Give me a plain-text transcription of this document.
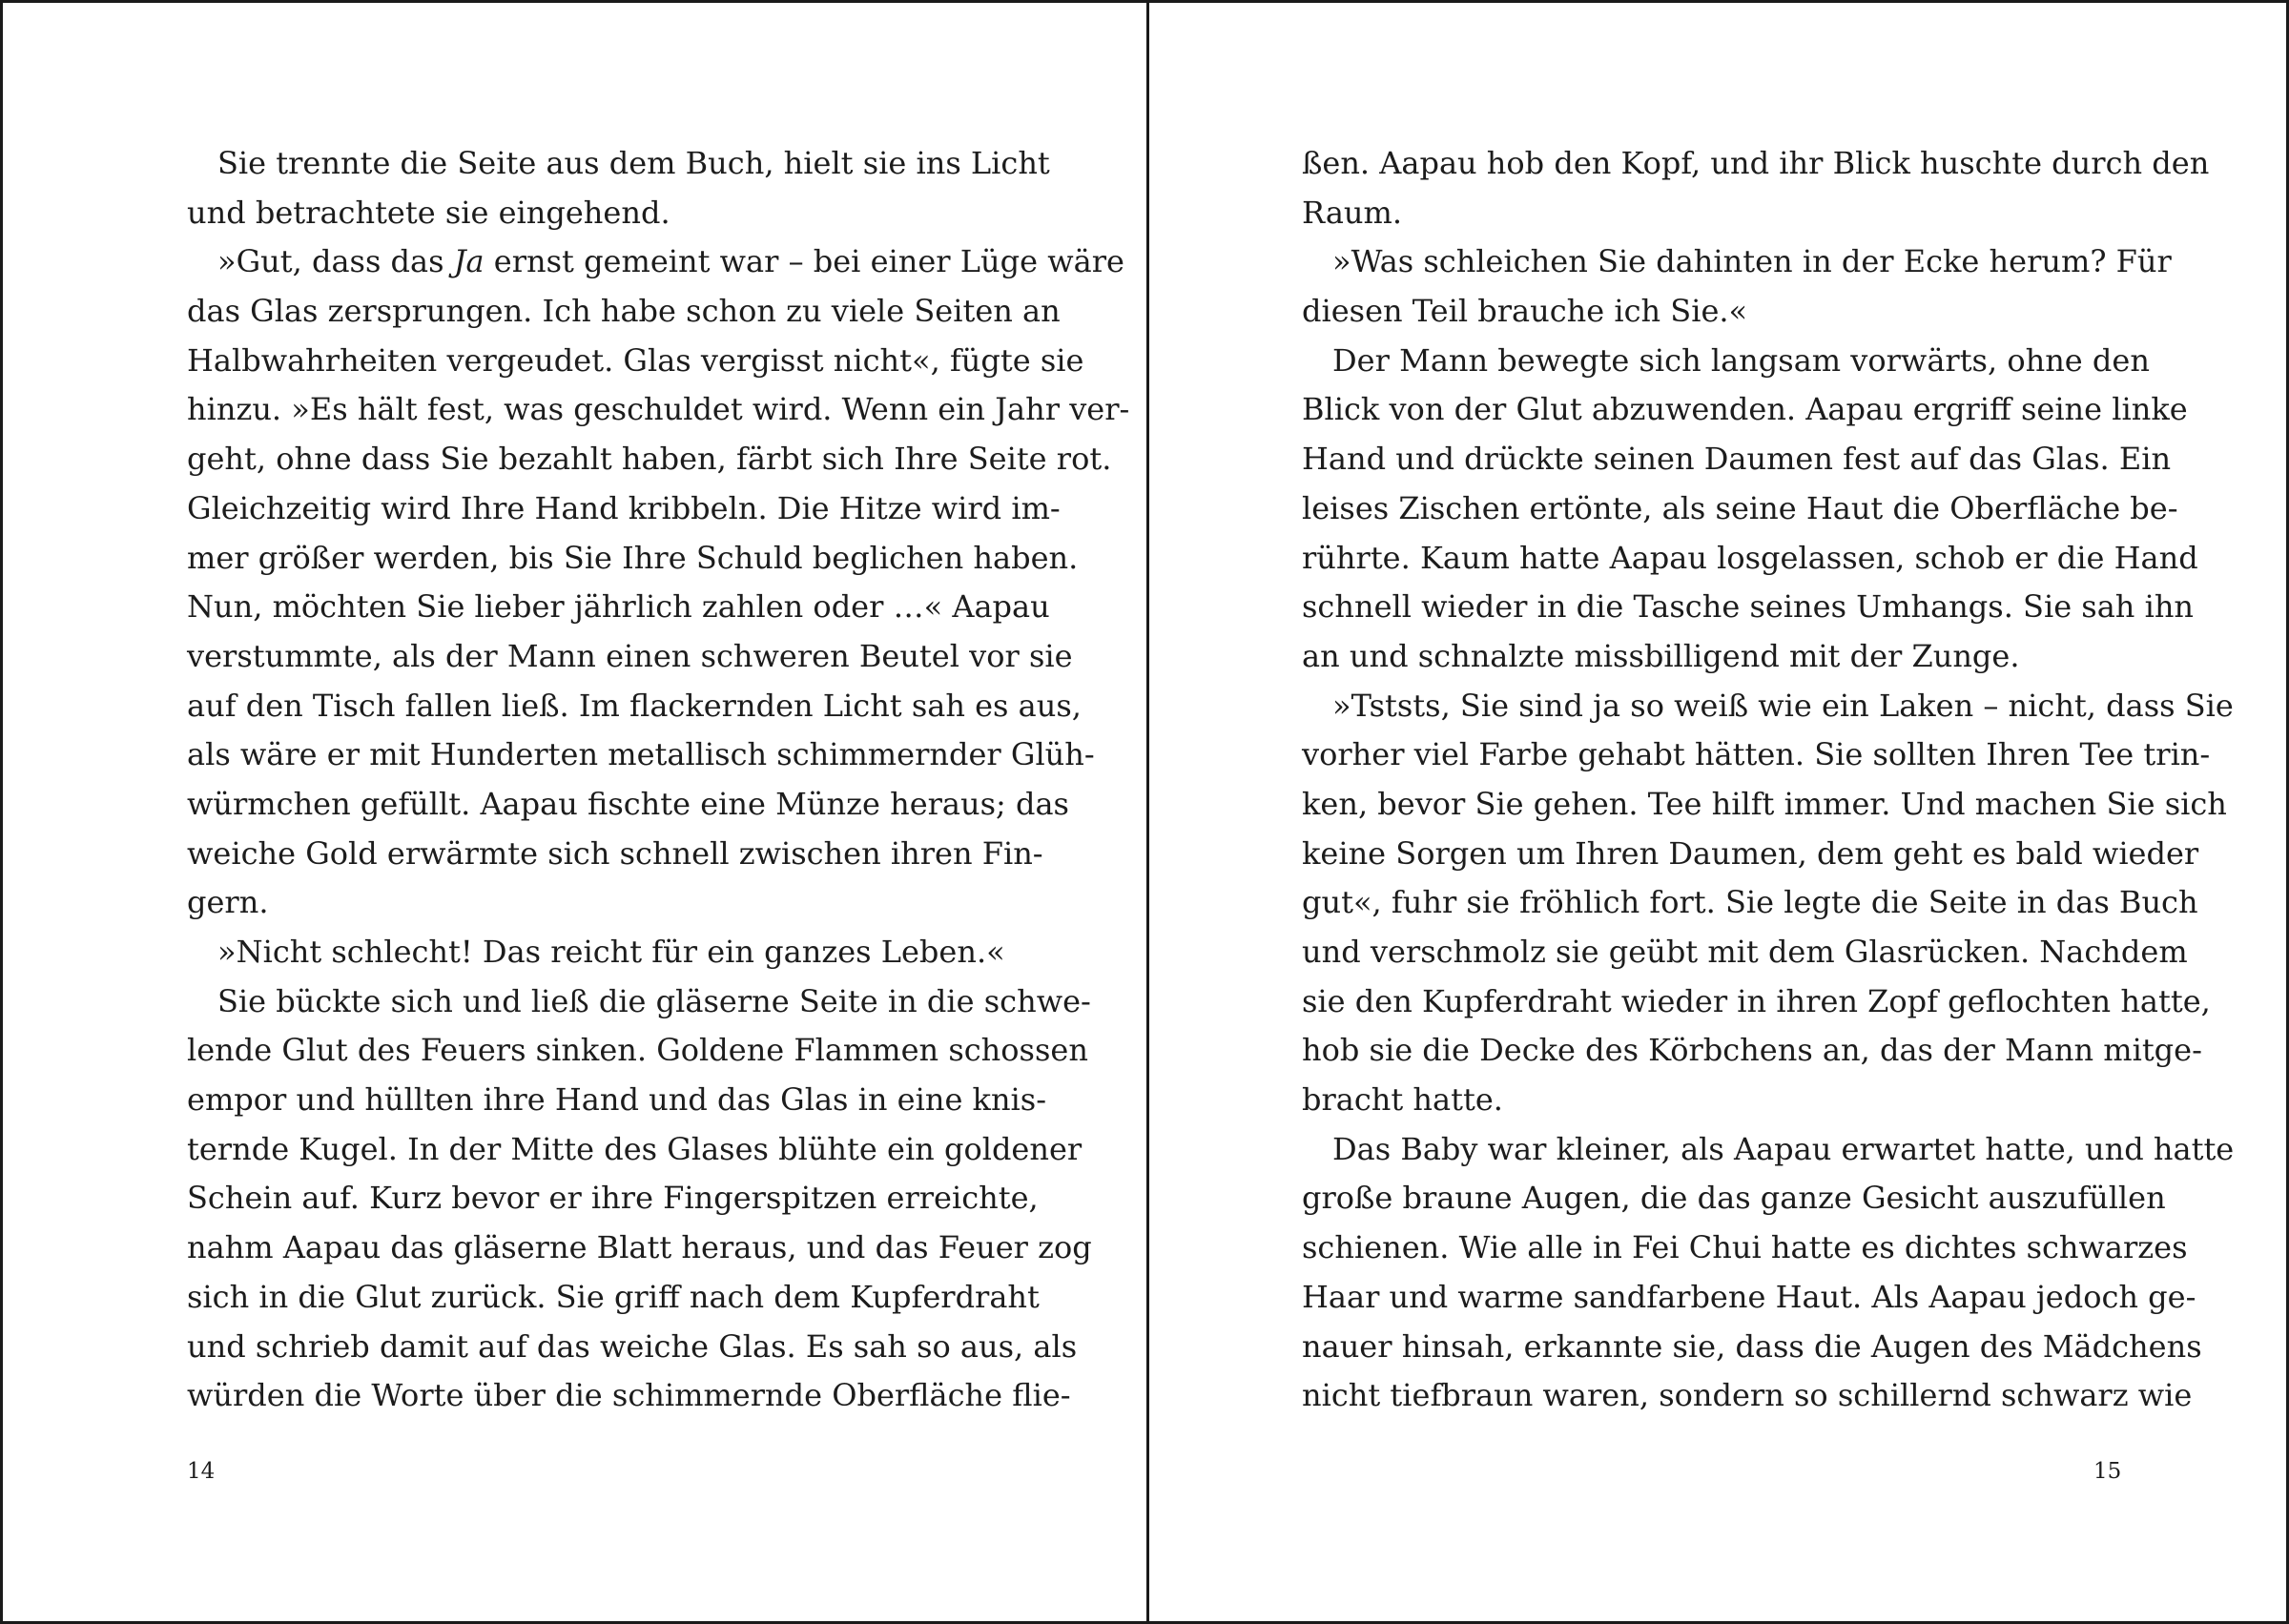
Sie trennte die Seite aus dem Buch, hielt sie ins Licht
und betrachtete sie eingehend.
»Gut, dass das Ja ernst gemeint war – bei einer Lüge wäre
das Glas zersprungen. Ich habe schon zu viele Seiten an
Halbwahrheiten vergeudet. Glas vergisst nicht«, fügte sie
hinzu. »Es hält fest, was geschuldet wird. Wenn ein Jahr ver-
geht, ohne dass Sie bezahlt haben, färbt sich Ihre Seite rot.
Gleichzeitig wird Ihre Hand kribbeln. Die Hitze wird im-
mer größer werden, bis Sie Ihre Schuld beglichen haben.
Nun, möchten Sie lieber jährlich zahlen oder …« Aapau
verstummte, als der Mann einen schweren Beutel vor sie
auf den Tisch fallen ließ. Im flackernden Licht sah es aus,
als wäre er mit Hunderten metallisch schimmernder Glüh-
würmchen gefüllt. Aapau fischte eine Münze heraus; das
weiche Gold erwärmte sich schnell zwischen ihren Fin-
gern.
»Nicht schlecht! Das reicht für ein ganzes Leben.«
Sie bückte sich und ließ die gläserne Seite in die schwe-
lende Glut des Feuers sinken. Goldene Flammen schossen
empor und hüllten ihre Hand und das Glas in eine knis-
ternde Kugel. In der Mitte des Glases blühte ein goldener
Schein auf. Kurz bevor er ihre Fingerspitzen erreichte,
nahm Aapau das gläserne Blatt heraus, und das Feuer zog
sich in die Glut zurück. Sie griff nach dem Kupferdraht
und schrieb damit auf das weiche Glas. Es sah so aus, als
würden die Worte über die schimmernde Oberfläche flie-
14
ßen. Aapau hob den Kopf, und ihr Blick huschte durch den
Raum.
»Was schleichen Sie dahinten in der Ecke herum? Für
diesen Teil brauche ich Sie.«
Der Mann bewegte sich langsam vorwärts, ohne den
Blick von der Glut abzuwenden. Aapau ergriff seine linke
Hand und drückte seinen Daumen fest auf das Glas. Ein
leises Zischen ertönte, als seine Haut die Oberfläche be-
rührte. Kaum hatte Aapau losgelassen, schob er die Hand
schnell wieder in die Tasche seines Umhangs. Sie sah ihn
an und schnalzte missbilligend mit der Zunge.
»Tststs, Sie sind ja so weiß wie ein Laken – nicht, dass Sie
vorher viel Farbe gehabt hätten. Sie sollten Ihren Tee trin-
ken, bevor Sie gehen. Tee hilft immer. Und machen Sie sich
keine Sorgen um Ihren Daumen, dem geht es bald wieder
gut«, fuhr sie fröhlich fort. Sie legte die Seite in das Buch
und verschmolz sie geübt mit dem Glasrücken. Nachdem
sie den Kupferdraht wieder in ihren Zopf geflochten hatte,
hob sie die Decke des Körbchens an, das der Mann mitge-
bracht hatte.
Das Baby war kleiner, als Aapau erwartet hatte, und hatte
große braune Augen, die das ganze Gesicht auszufüllen
schienen. Wie alle in Fei Chui hatte es dichtes schwarzes
Haar und warme sandfarbene Haut. Als Aapau jedoch ge-
nauer hinsah, erkannte sie, dass die Augen des Mädchens
nicht tiefbraun waren, sondern so schillernd schwarz wie
15
